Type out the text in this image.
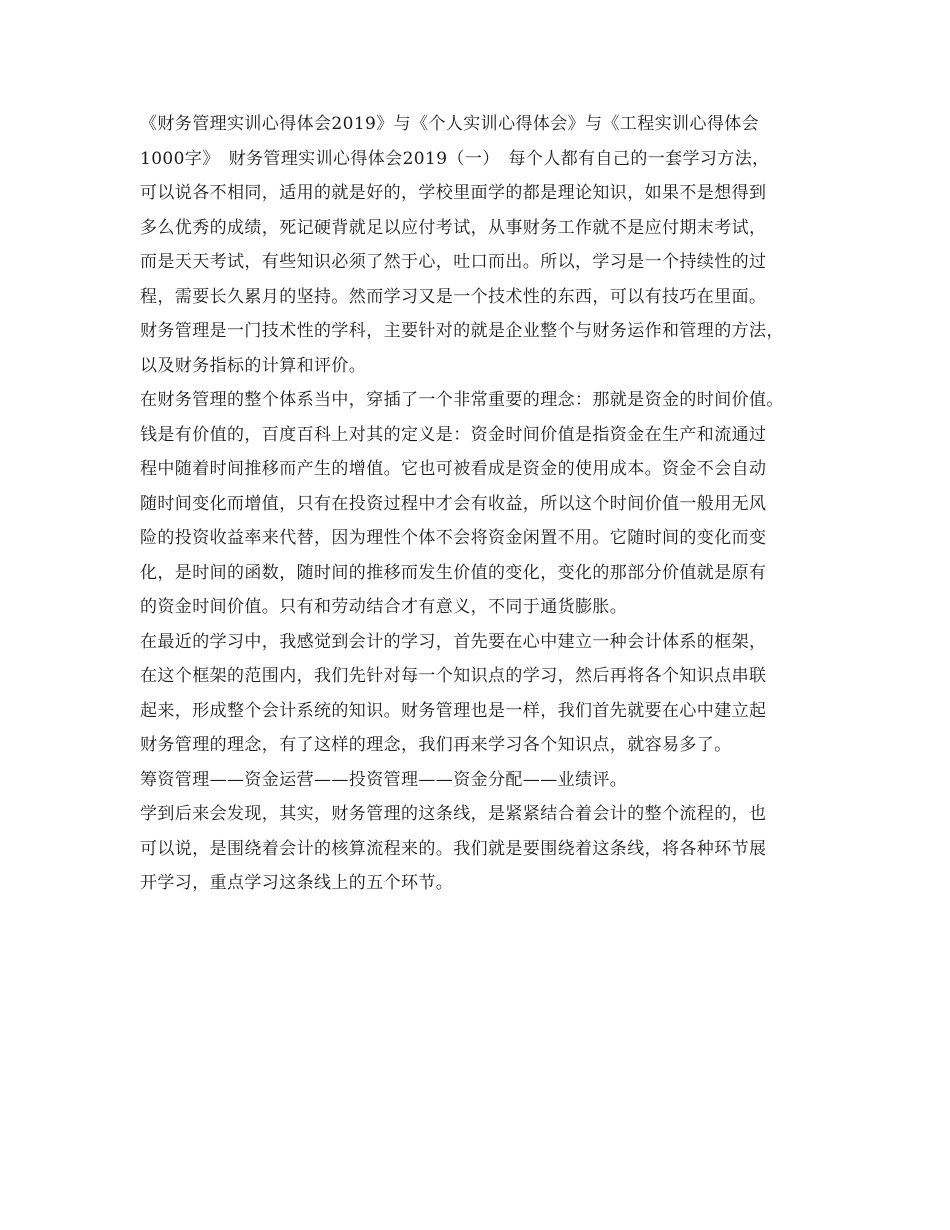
《财务管理实训心得体会2019》与《个人实训心得体会》与《工程实训心得体会
1000字》　财务管理实训心得体会2019（一）　每个人都有自己的一套学习方法，
可以说各不相同，适用的就是好的，学校里面学的都是理论知识，如果不是想得到
多么优秀的成绩，死记硬背就足以应付考试，从事财务工作就不是应付期末考试，
而是天天考试，有些知识必须了然于心，吐口而出。所以，学习是一个持续性的过
程，需要长久累月的坚持。然而学习又是一个技术性的东西，可以有技巧在里面。
财务管理是一门技术性的学科，主要针对的就是企业整个与财务运作和管理的方法，
以及财务指标的计算和评价。
在财务管理的整个体系当中，穿插了一个非常重要的理念：那就是资金的时间价值。
钱是有价值的，百度百科上对其的定义是：资金时间价值是指资金在生产和流通过
程中随着时间推移而产生的增值。它也可被看成是资金的使用成本。资金不会自动
随时间变化而增值，只有在投资过程中才会有收益，所以这个时间价值一般用无风
险的投资收益率来代替，因为理性个体不会将资金闲置不用。它随时间的变化而变
化，是时间的函数，随时间的推移而发生价值的变化，变化的那部分价值就是原有
的资金时间价值。只有和劳动结合才有意义，不同于通货膨胀。
在最近的学习中，我感觉到会计的学习，首先要在心中建立一种会计体系的框架，
在这个框架的范围内，我们先针对每一个知识点的学习，然后再将各个知识点串联
起来，形成整个会计系统的知识。财务管理也是一样，我们首先就要在心中建立起
财务管理的理念，有了这样的理念，我们再来学习各个知识点，就容易多了。
筹资管理——资金运营——投资管理——资金分配——业绩评。
学到后来会发现，其实，财务管理的这条线，是紧紧结合着会计的整个流程的，也
可以说，是围绕着会计的核算流程来的。我们就是要围绕着这条线，将各种环节展
开学习，重点学习这条线上的五个环节。
